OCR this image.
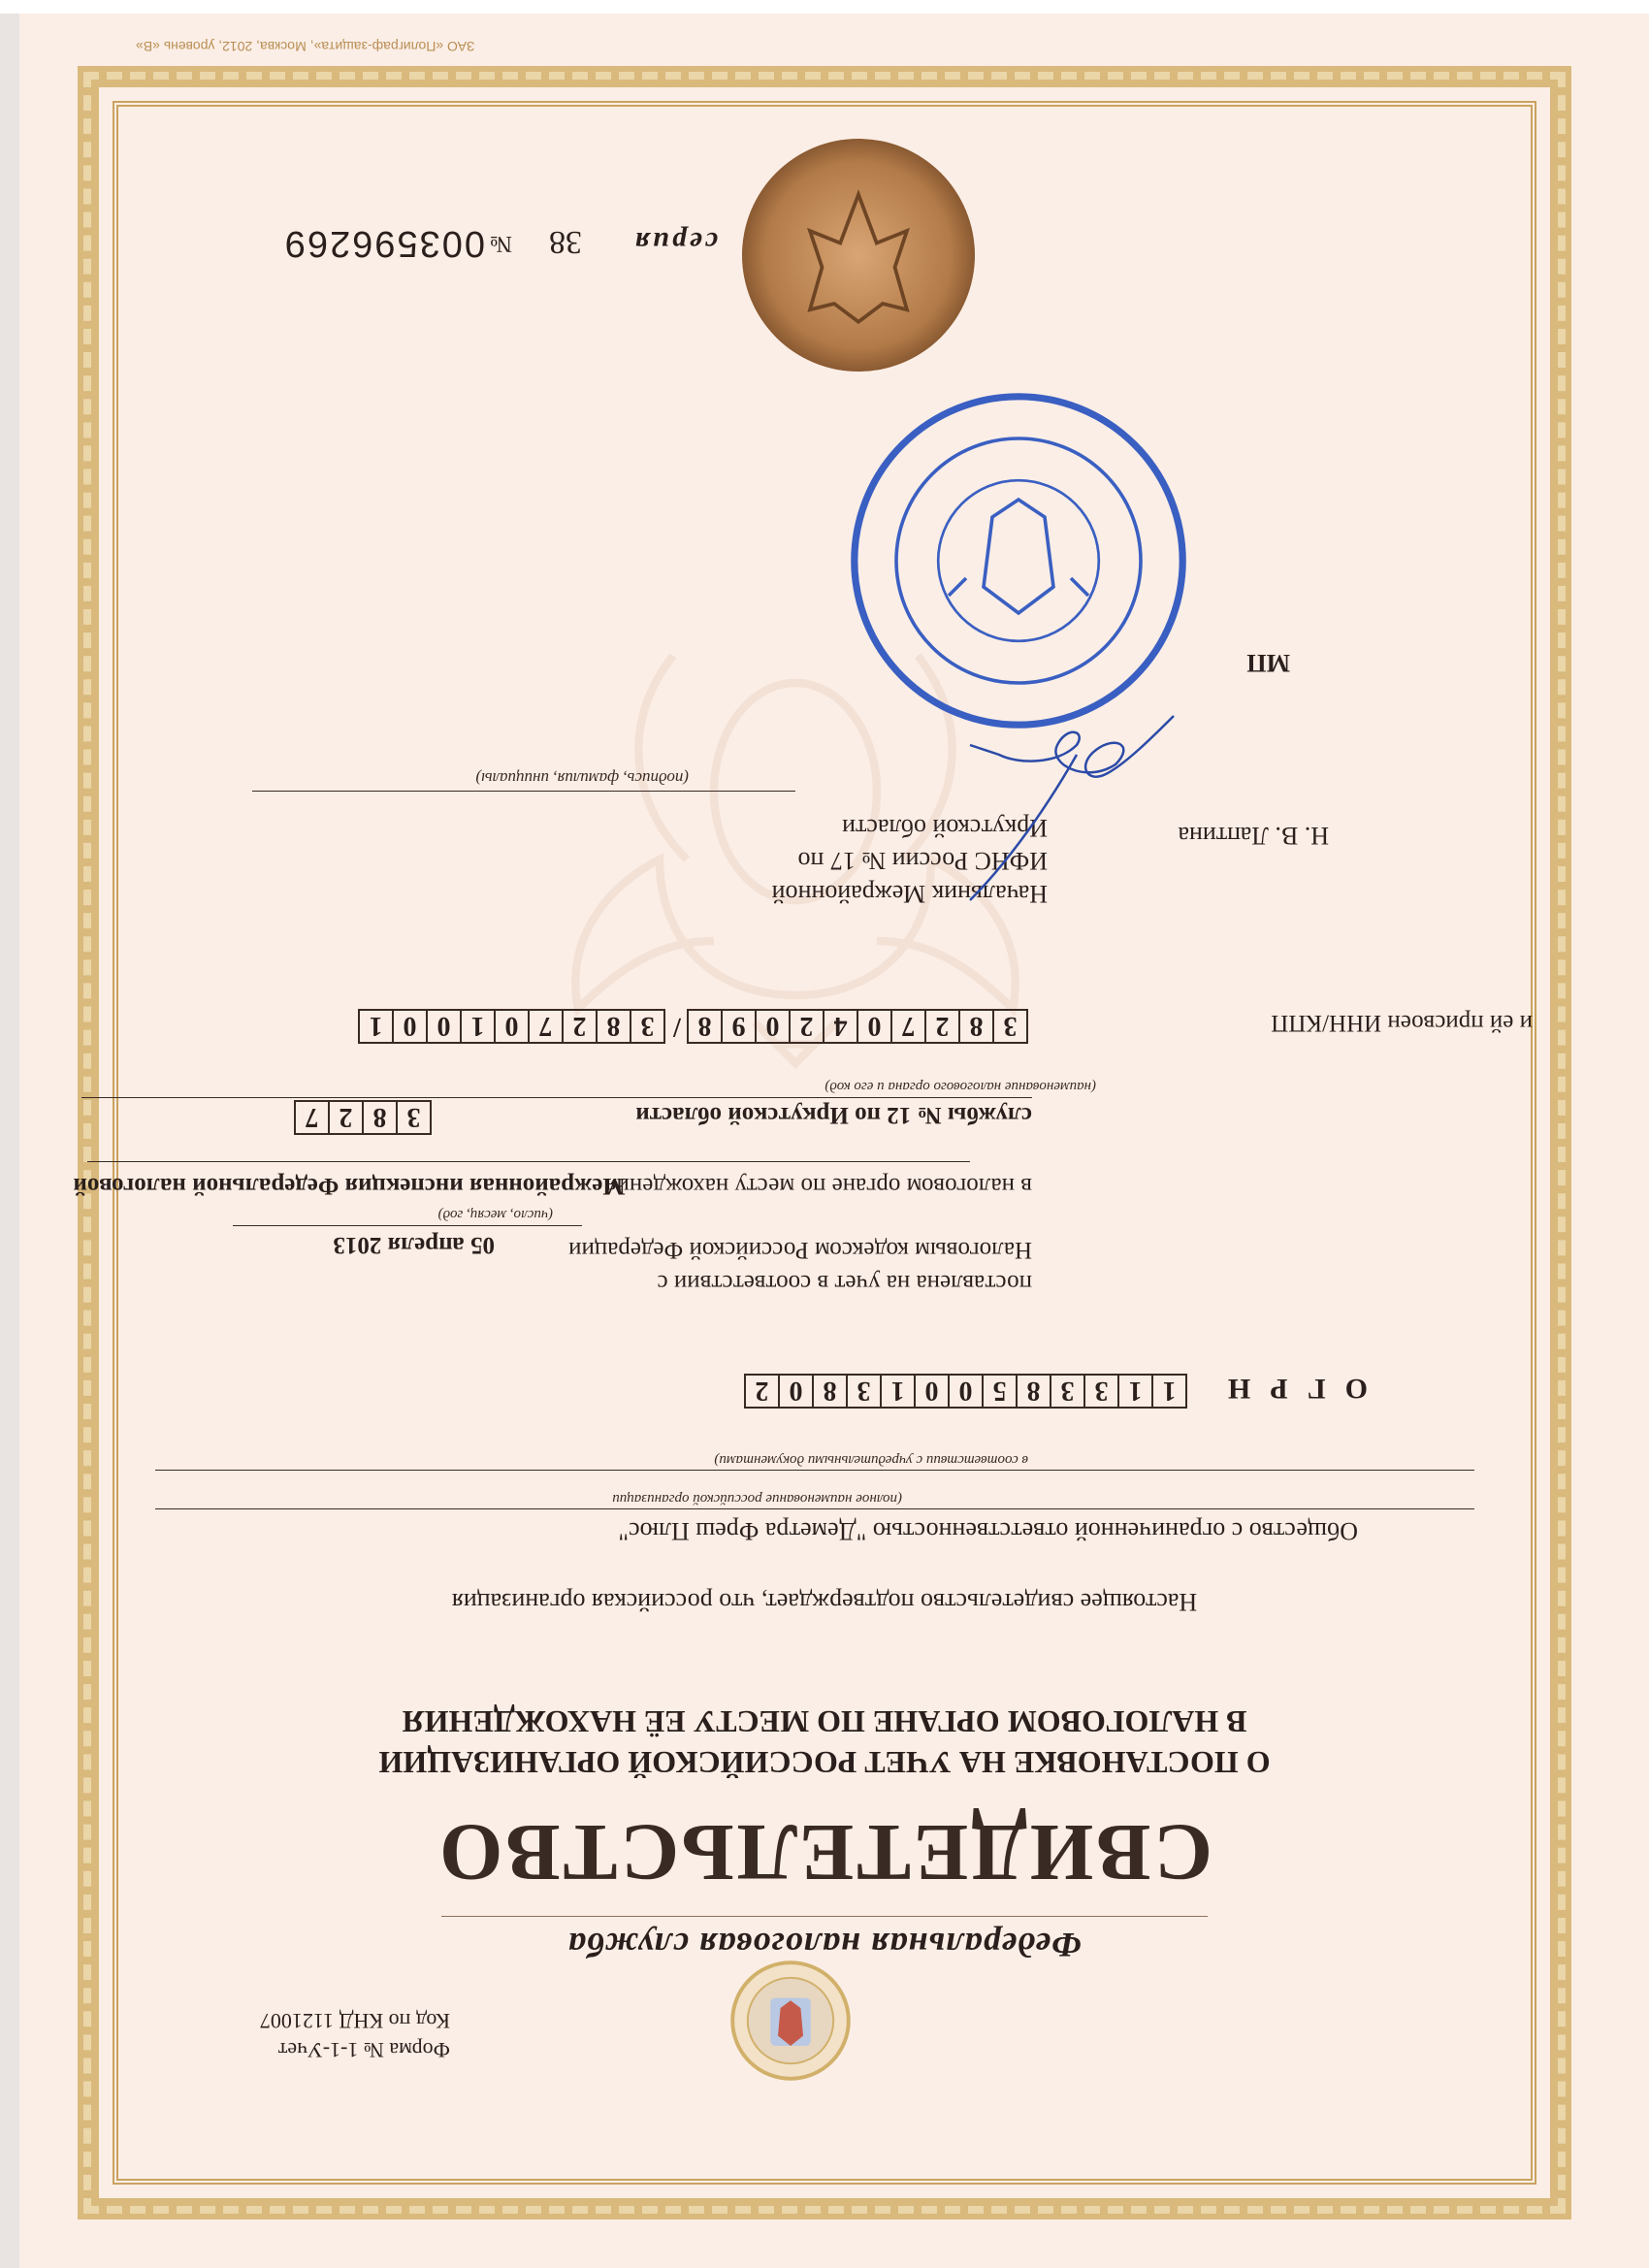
ЗАО «Полиграф-защита», Москва, 2012, уровень «В»
Форма № 1-1-Учет
Код по КНД 1121007
Федеральная налоговая служба
СВИДЕТЕЛЬСТВО
О ПОСТАНОВКЕ НА УЧЕТ РОССИЙСКОЙ ОРГАНИЗАЦИИ
В НАЛОГОВОМ ОРГАНЕ ПО МЕСТУ ЕЁ НАХОЖДЕНИЯ
Настоящее свидетельство подтверждает, что российская организация
Общество с ограниченной ответственностью "Деметра Фреш Плюс"
(полное наименование российской организации
в соответствии с учредительными документами)
ОГРН
1
1
3
3
8
5
0
0
1
3
8
0
2
поставлена на учет в соответствии с
Налоговым кодексом Российской Федерации
05 апреля 2013
(число, месяц, год)
в налоговом органе по месту нахождения
Межрайонная инспекция Федеральной налоговой
службы № 12 по Иркутской области
3
8
2
7
(наименование налогового органа и его код)
и ей присвоен ИНН/КПП
3
8
2
7
0
4
2
0
9
8
/
3
8
2
7
0
1
0
0
1
Начальник Межрайонной
ИФНС России № 17 по
Иркутской области	Н. В. Лаптина
(подпись, фамилия, инициалы)
МП
серия
38
№
003596269
